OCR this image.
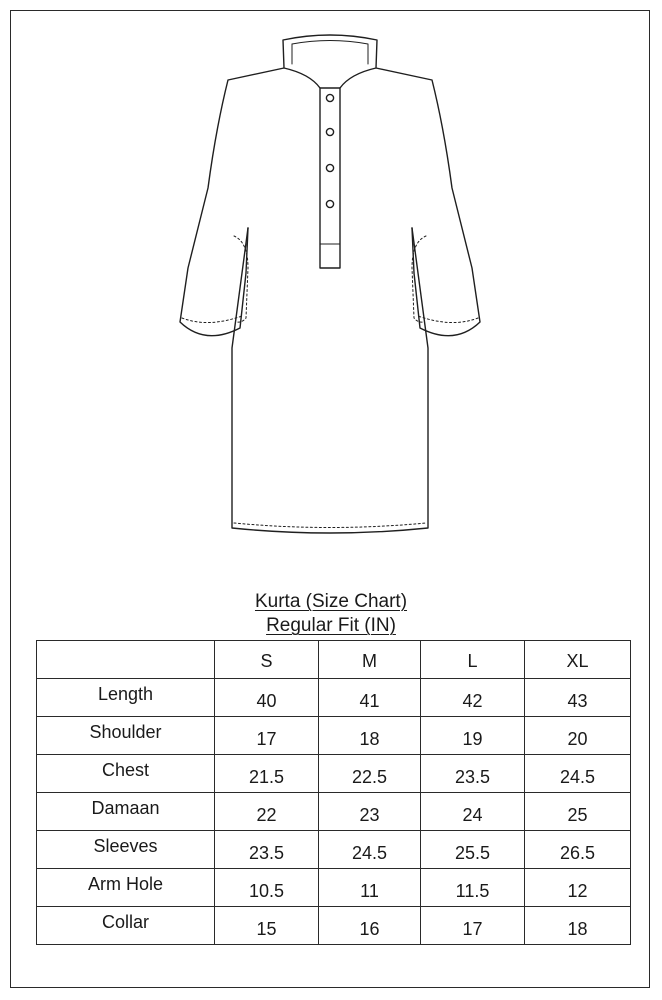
Kurta (Size Chart)
Regular Fit (IN)
	S	M	L	XL
Length	40	41	42	43
Shoulder	17	18	19	20
Chest	21.5	22.5	23.5	24.5
Damaan	22	23	24	25
Sleeves	23.5	24.5	25.5	26.5
Arm Hole	10.5	11	11.5	12
Collar	15	16	17	18
